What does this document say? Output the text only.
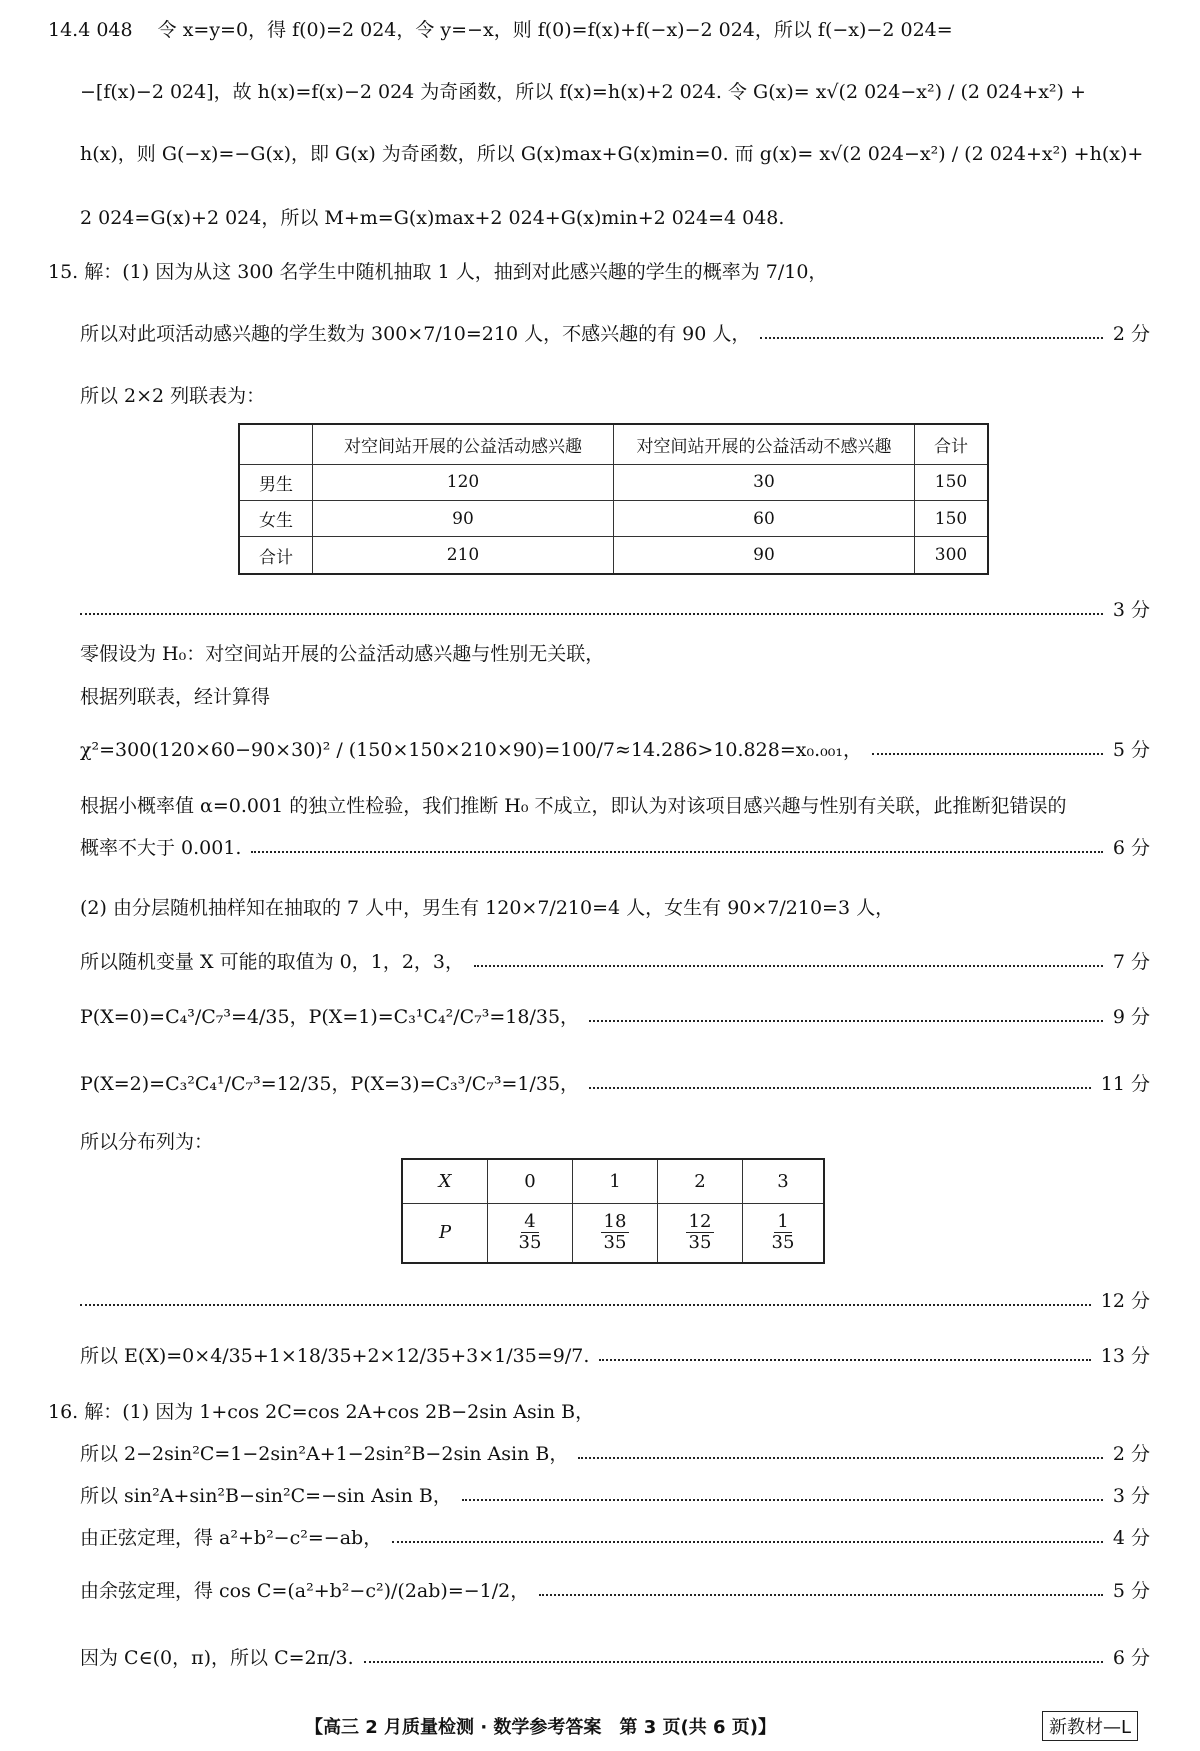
14.4 048　 令 x=y=0，得 f(0)=2 024，令 y=−x，则 f(0)=f(x)+f(−x)−2 024，所以 f(−x)−2 024=
−[f(x)−2 024]，故 h(x)=f(x)−2 024 为奇函数，所以 f(x)=h(x)+2 024. 令 G(x)= x√(2 024−x²) / (2 024+x²) +
h(x)，则 G(−x)=−G(x)，即 G(x) 为奇函数，所以 G(x)max+G(x)min=0. 而 g(x)= x√(2 024−x²) / (2 024+x²) +h(x)+
2 024=G(x)+2 024，所以 M+m=G(x)max+2 024+G(x)min+2 024=4 048.
15. 解：(1) 因为从这 300 名学生中随机抽取 1 人，抽到对此感兴趣的学生的概率为 7/10，
所以对此项活动感兴趣的学生数为 300×7/10=210 人，不感兴趣的有 90 人，	2 分
所以 2×2 列联表为：
	对空间站开展的公益活动感兴趣	对空间站开展的公益活动不感兴趣	合计
男生	120	30	150
女生	90	60	150
合计	210	90	300
3 分
零假设为 H₀：对空间站开展的公益活动感兴趣与性别无关联，
根据列联表，经计算得
χ²=300(120×60−90×30)² / (150×150×210×90)=100/7≈14.286>10.828=x₀.₀₀₁，	5 分
根据小概率值 α=0.001 的独立性检验，我们推断 H₀ 不成立，即认为对该项目感兴趣与性别有关联，此推断犯错误的
概率不大于 0.001.	6 分
(2) 由分层随机抽样知在抽取的 7 人中，男生有 120×7/210=4 人，女生有 90×7/210=3 人，
所以随机变量 X 可能的取值为 0，1，2，3，	7 分
P(X=0)=C₄³/C₇³=4/35，P(X=1)=C₃¹C₄²/C₇³=18/35，	9 分
P(X=2)=C₃²C₄¹/C₇³=12/35，P(X=3)=C₃³/C₇³=1/35，	11 分
所以分布列为：
X	0	1	2	3
P	$\frac{4}{35}$	$\frac{18}{35}$	$\frac{12}{35}$	$\frac{1}{35}$
12 分
所以 E(X)=0×4/35+1×18/35+2×12/35+3×1/35=9/7.	13 分
16. 解：(1) 因为 1+cos 2C=cos 2A+cos 2B−2sin Asin B，
所以 2−2sin²C=1−2sin²A+1−2sin²B−2sin Asin B，	2 分
所以 sin²A+sin²B−sin²C=−sin Asin B，	3 分
由正弦定理，得 a²+b²−c²=−ab，	4 分
由余弦定理，得 cos C=(a²+b²−c²)/(2ab)=−1/2，	5 分
因为 C∈(0，π)，所以 C=2π/3.	6 分
【高三 2 月质量检测 · 数学参考答案　第 3 页(共 6 页)】	新教材—L
